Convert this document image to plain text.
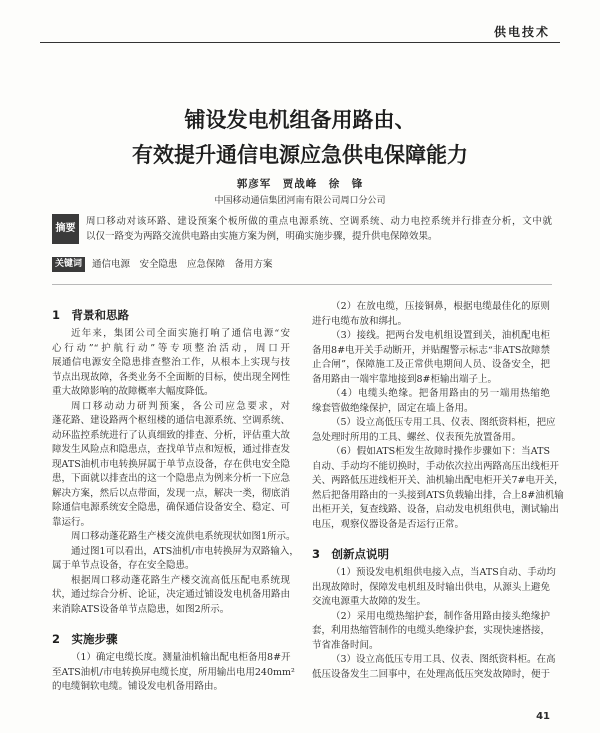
供电技术
铺设发电机组备用路由、
有效提升通信电源应急供电保障能力
郭彦军　贾战峰　徐　锋
中国移动通信集团河南有限公司周口分公司
摘要
周口移动对该环路、建设预案个板所做的重点电源系统、空调系统、动力电控系统并行排查分析，文中就
以仅一路变为两路交流供电路由实施方案为例，明确实施步骤，提升供电保障效果。
关键词	通信电源　安全隐患　应急保障　备用方案
1　背景和思路
近年来，集团公司全面实施打响了通信电源“安
心行动”“护航行动”等专项整治活动，周口开
展通信电源安全隐患排查整治工作，从根本上实现与技
节点出现故障，各类业务不全面断的目标，使出现全网性
重大故障影响的故障概率大幅度降低。
周口移动动力研判预案，各公司应急要求，对
蓬花路、建设路两个枢纽楼的通信电源系统、空调系统、
动环监控系统进行了认真细致的排查、分析，评估重大故
障发生风险点和隐患点，查找单节点和短板，通过排查发
现ATS油机市电转换屏属于单节点设备，存在供电安全隐
患，下面就以排查出的这一个隐患点为例来分析一下应急
解决方案，然后以点带面，发现一点，解决一类，彻底消
除通信电源系统安全隐患，确保通信设备安全、稳定、可
靠运行。
周口移动蓬花路生产楼交流供电系统现状如图1所示。
通过图1可以看出，ATS油机/市电转换屏为双路输入，
属于单节点设备，存在安全隐患。
根据周口移动蓬花路生产楼交流高低压配电系统现
状，通过综合分析、论证，决定通过铺设发电机备用路由
来消除ATS设备单节点隐患，如图2所示。
2　实施步骤
（1）确定电缆长度。测量油机输出配电柜备用8#开
至ATS油机/市电转换屏电缆长度，所用输出电用240mm²
的电缆铜软电缆。铺设发电机备用路由。
（2）在放电缆，压接铜鼻，根据电缆最佳化的原则
进行电缆布放和绑扎。
（3）接线。把两台发电机组设置到关，油机配电柜
备用8#电开关手动断开，并贴醒警示标志“非ATS故障禁
止合闸”，保障施工及正常供电期间人员、设备安全，把
备用路由一端牢靠地接到8#柜输出端子上。
（4）电缆头绝缘。把备用路由的另一端用热缩绝
缘套管做绝缘保护，固定在墙上备用。
（5）设立高低压专用工具、仪表、图纸资料柜，把应
急处理时所用的工具、螺丝、仪表预先放置备用。
（6）假如ATS柜发生故障时操作步骤如下：当ATS
自动、手动均不能切换时，手动依次拉出两路高压出线柜开
关、两路低压进线柜开关、油机输出配电柜开关7#电开关，
然后把备用路由的一头接到ATS负载输出排，合上8#油机输
出柜开关，复查线路、设备，启动发电机组供电，测试输出
电压，观察仪器设备是否运行正常。
3　创新点说明
（1）预设发电机组供电接入点，当ATS自动、手动均
出现故障时，保障发电机组及时输出供电，从源头上避免
交流电源重大故障的发生。
（2）采用电缆热缩护套，制作备用路由接头绝缘护
套，利用热缩管制作的电缆头绝缘护套，实现快速搭接，
节省准备时间。
（3）设立高低压专用工具、仪表、图纸资料柜。在高
低压设备发生二回事中，在处理高低压突发故障时，便于
41
